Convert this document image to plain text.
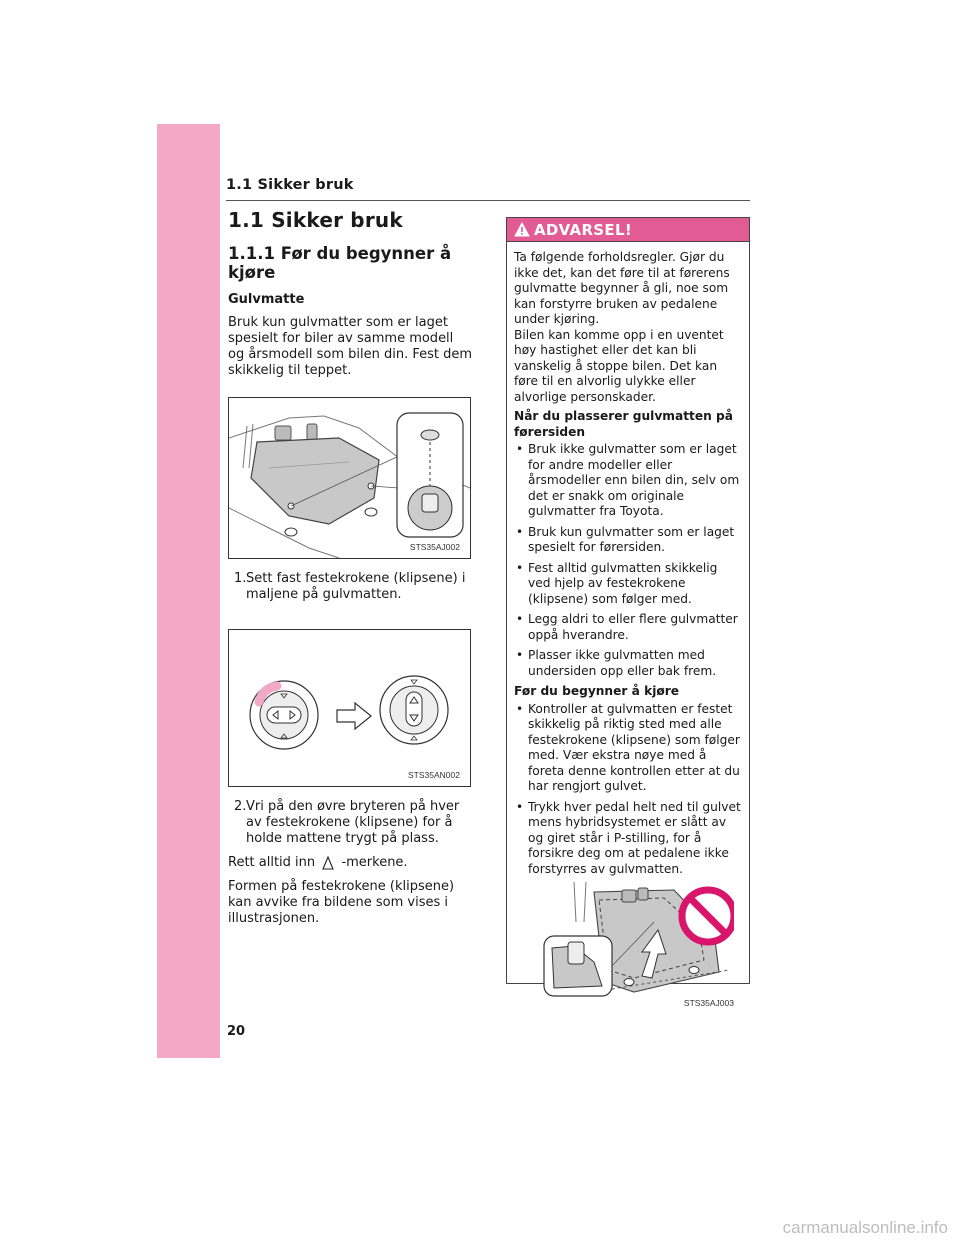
1.1 Sikker bruk
1.1 Sikker bruk
1.1.1 Før du begynner å kjøre
Gulvmatte

Bruk kun gulvmatter som er laget spesielt for biler av samme modell og årsmodell som bilen din. Fest dem skikkelig til teppet.

STS35AJ002

1.Sett fast festekrokene (klipsene) i maljene på gulvmatten.

STS35AN002

2.Vri på den øvre bryteren på hver av festekrokene (klipsene) for å holde mattene trygt på plass.

Rett alltid inn -merkene.

Formen på festekrokene (klipsene) kan avvike fra bildene som vises i illustrasjonen.

ADVARSEL!

Ta følgende forholdsregler. Gjør du ikke det, kan det føre til at førerens gulvmatte begynner å gli, noe som kan forstyrre bruken av pedalene under kjøring.

Bilen kan komme opp i en uventet høy hastighet eller det kan bli vanskelig å stoppe bilen. Det kan føre til en alvorlig ulykke eller alvorlige personskader.

Når du plasserer gulvmatten på førersiden

• Bruk ikke gulvmatter som er laget for andre modeller eller årsmodeller enn bilen din, selv om det er snakk om originale gulvmatter fra Toyota.
• Bruk kun gulvmatter som er laget spesielt for førersiden.
• Fest alltid gulvmatten skikkelig ved hjelp av festekrokene (klipsene) som følger med.
• Legg aldri to eller flere gulvmatter oppå hverandre.
• Plasser ikke gulvmatten med undersiden opp eller bak frem.

Før du begynner å kjøre

• Kontroller at gulvmatten er festet skikkelig på riktig sted med alle festekrokene (klipsene) som følger med. Vær ekstra nøye med å foreta denne kontrollen etter at du har rengjort gulvet.
• Trykk hver pedal helt ned til gulvet mens hybridsystemet er slått av og giret står i P-stilling, for å forsikre deg om at pedalene ikke forstyrres av gulvmatten.
STS35AJ003
20
carmanualsonline.info
